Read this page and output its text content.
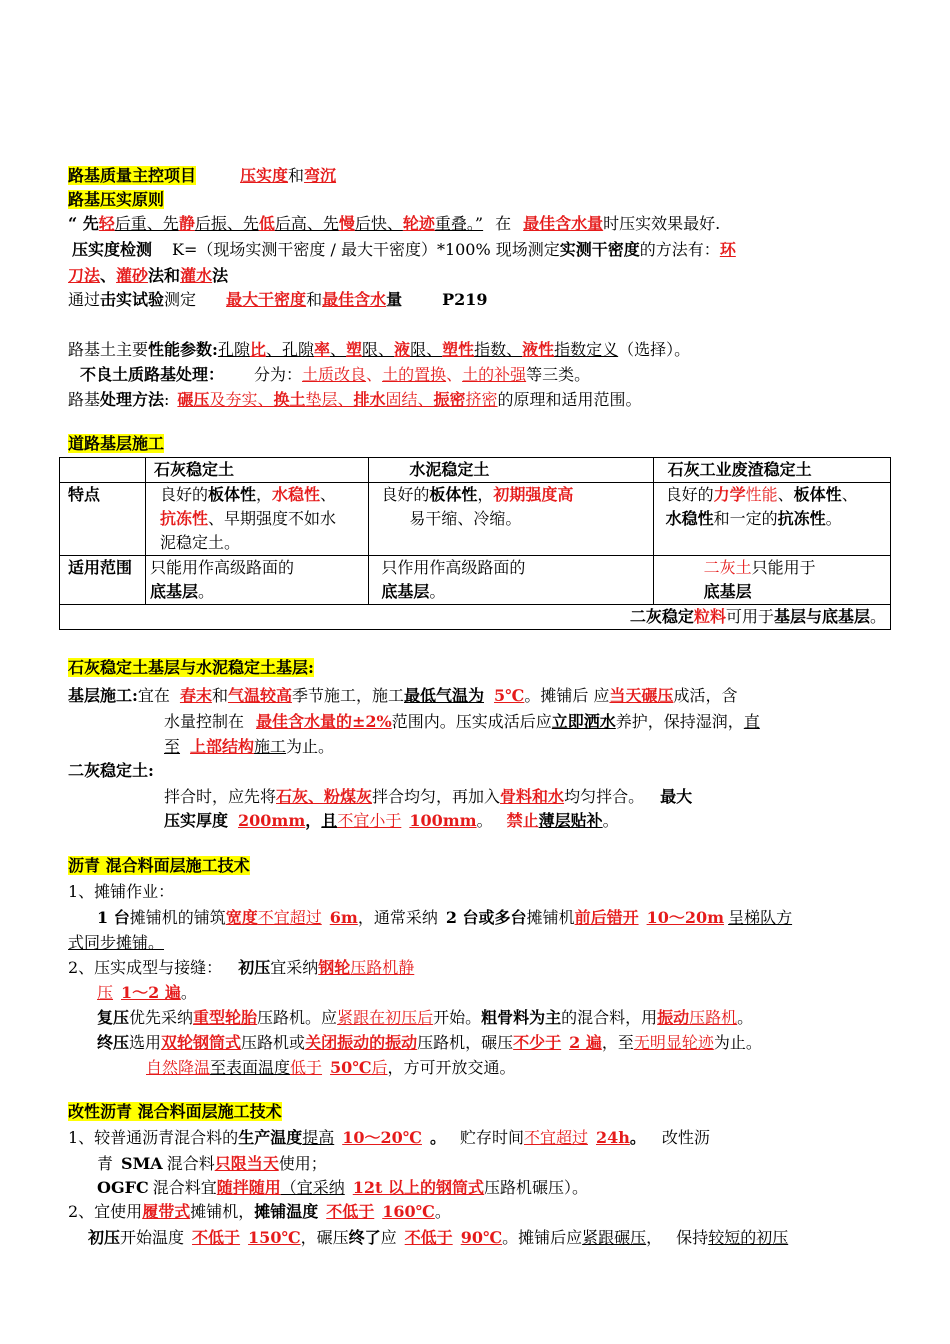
路基质量主控项目	压实度和弯沉
路基压实原则
“ 先轻后重、先静后振、先低后高、先慢后快、轮迹重叠。” 在 最佳含水量时压实效果最好.
压实度检测 K=（现场实测干密度 / 最大干密度）*100% 现场测定实测干密度的方法有：环
刀法、灌砂法和灌水法
通过击实试验测定 最大干密度和最佳含水量	P219
路基土主要性能参数:孔隙比、孔隙率、塑限、液限、塑性指数、液性指数定义（选择）。
不良土质路基处理： 分为：土质改良、土的置换、土的补强等三类。
路基处理方法: 碾压及夯实、换土垫层、排水固结、振密挤密的原理和适用范围。
道路基层施工
	石灰稳定土	水泥稳定土	石灰工业废渣稳定土
特点	良好的板体性，水稳性、	良好的板体性，初期强度高	良好的力学性能、板体性、
	抗冻性、早期强度不如水	易干缩、冷缩。	水稳性和一定的抗冻性。
	泥稳定土。		
适用范围	只能用作高级路面的	只作用作高级路面的	二灰土只能用于
	底基层。	底基层。	底基层
二灰稳定粒料可用于基层与底基层。			
石灰稳定土基层与水泥稳定土基层:
基层施工:宜在 春末和气温较高季节施工，施工最低气温为 5℃。摊铺后 应当天碾压成活，含
水量控制在 最佳含水量的±2%范围内。压实成活后应立即洒水养护，保持湿润，直
至 上部结构施工为止。
二灰稳定土:
拌合时，应先将石灰、粉煤灰拌合均匀，再加入骨料和水均匀拌合。 最大
压实厚度 200mm，且不宜小于 100mm。 禁止薄层贴补。
沥青 混合料面层施工技术
1、摊铺作业：
1 台摊铺机的铺筑宽度不宜超过 6m，通常采纳 2 台或多台摊铺机前后错开 10～20m 呈梯队方
式同步摊铺。
2、压实成型与接缝： 初压宜采纳钢轮压路机静
压 1～2 遍。
复压优先采纳重型轮胎压路机。应紧跟在初压后开始。粗骨料为主的混合料，用振动压路机。
终压选用双轮钢筒式压路机或关闭振动的振动压路机，碾压不少于 2 遍，至无明显轮迹为止。
自然降温至表面温度低于 50℃后，方可开放交通。
改性沥青 混合料面层施工技术
1、较普通沥青混合料的生产温度提高 10～20℃ 。 贮存时间不宜超过 24h。 改性沥
青 SMA 混合料只限当天使用；
OGFC 混合料宜随拌随用（宜采纳 12t 以上的钢筒式压路机碾压）。
2、宜使用履带式摊铺机，摊铺温度 不低于 160℃。
初压开始温度 不低于 150℃，碾压终了应 不低于 90℃。摊铺后应紧跟碾压， 保持较短的初压
